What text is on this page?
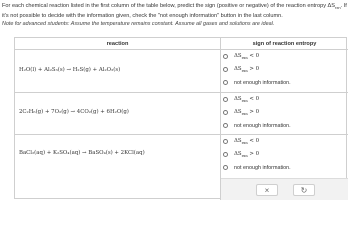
For each chemical reaction listed in the first column of the table below, predict the sign (positive or negative) of the reaction entropy $\Delta S_{rxn}$. If it's not possible to decide with the information given, check the "not enough information" button in the last column.
Note for advanced students: Assume the temperature remains constant. Assume all gases and solutions are ideal.
reaction	sign of reaction entropy
H₂O(l) + Al₂S₃(s) → H₂S(g) + Al₂O₃(s)
$\Delta S_{rxn} < 0$
$\Delta S_{rxn} > 0$
not enough information.
2C₂H₆(g) + 7O₂(g) → 4CO₂(g) + 6H₂O(g)
$\Delta S_{rxn} < 0$
$\Delta S_{rxn} > 0$
not enough information.
BaCl₂(aq) + K₂SO₄(aq) → BaSO₄(s) + 2KCl(aq)
$\Delta S_{rxn} < 0$
$\Delta S_{rxn} > 0$
not enough information.
×	↻
